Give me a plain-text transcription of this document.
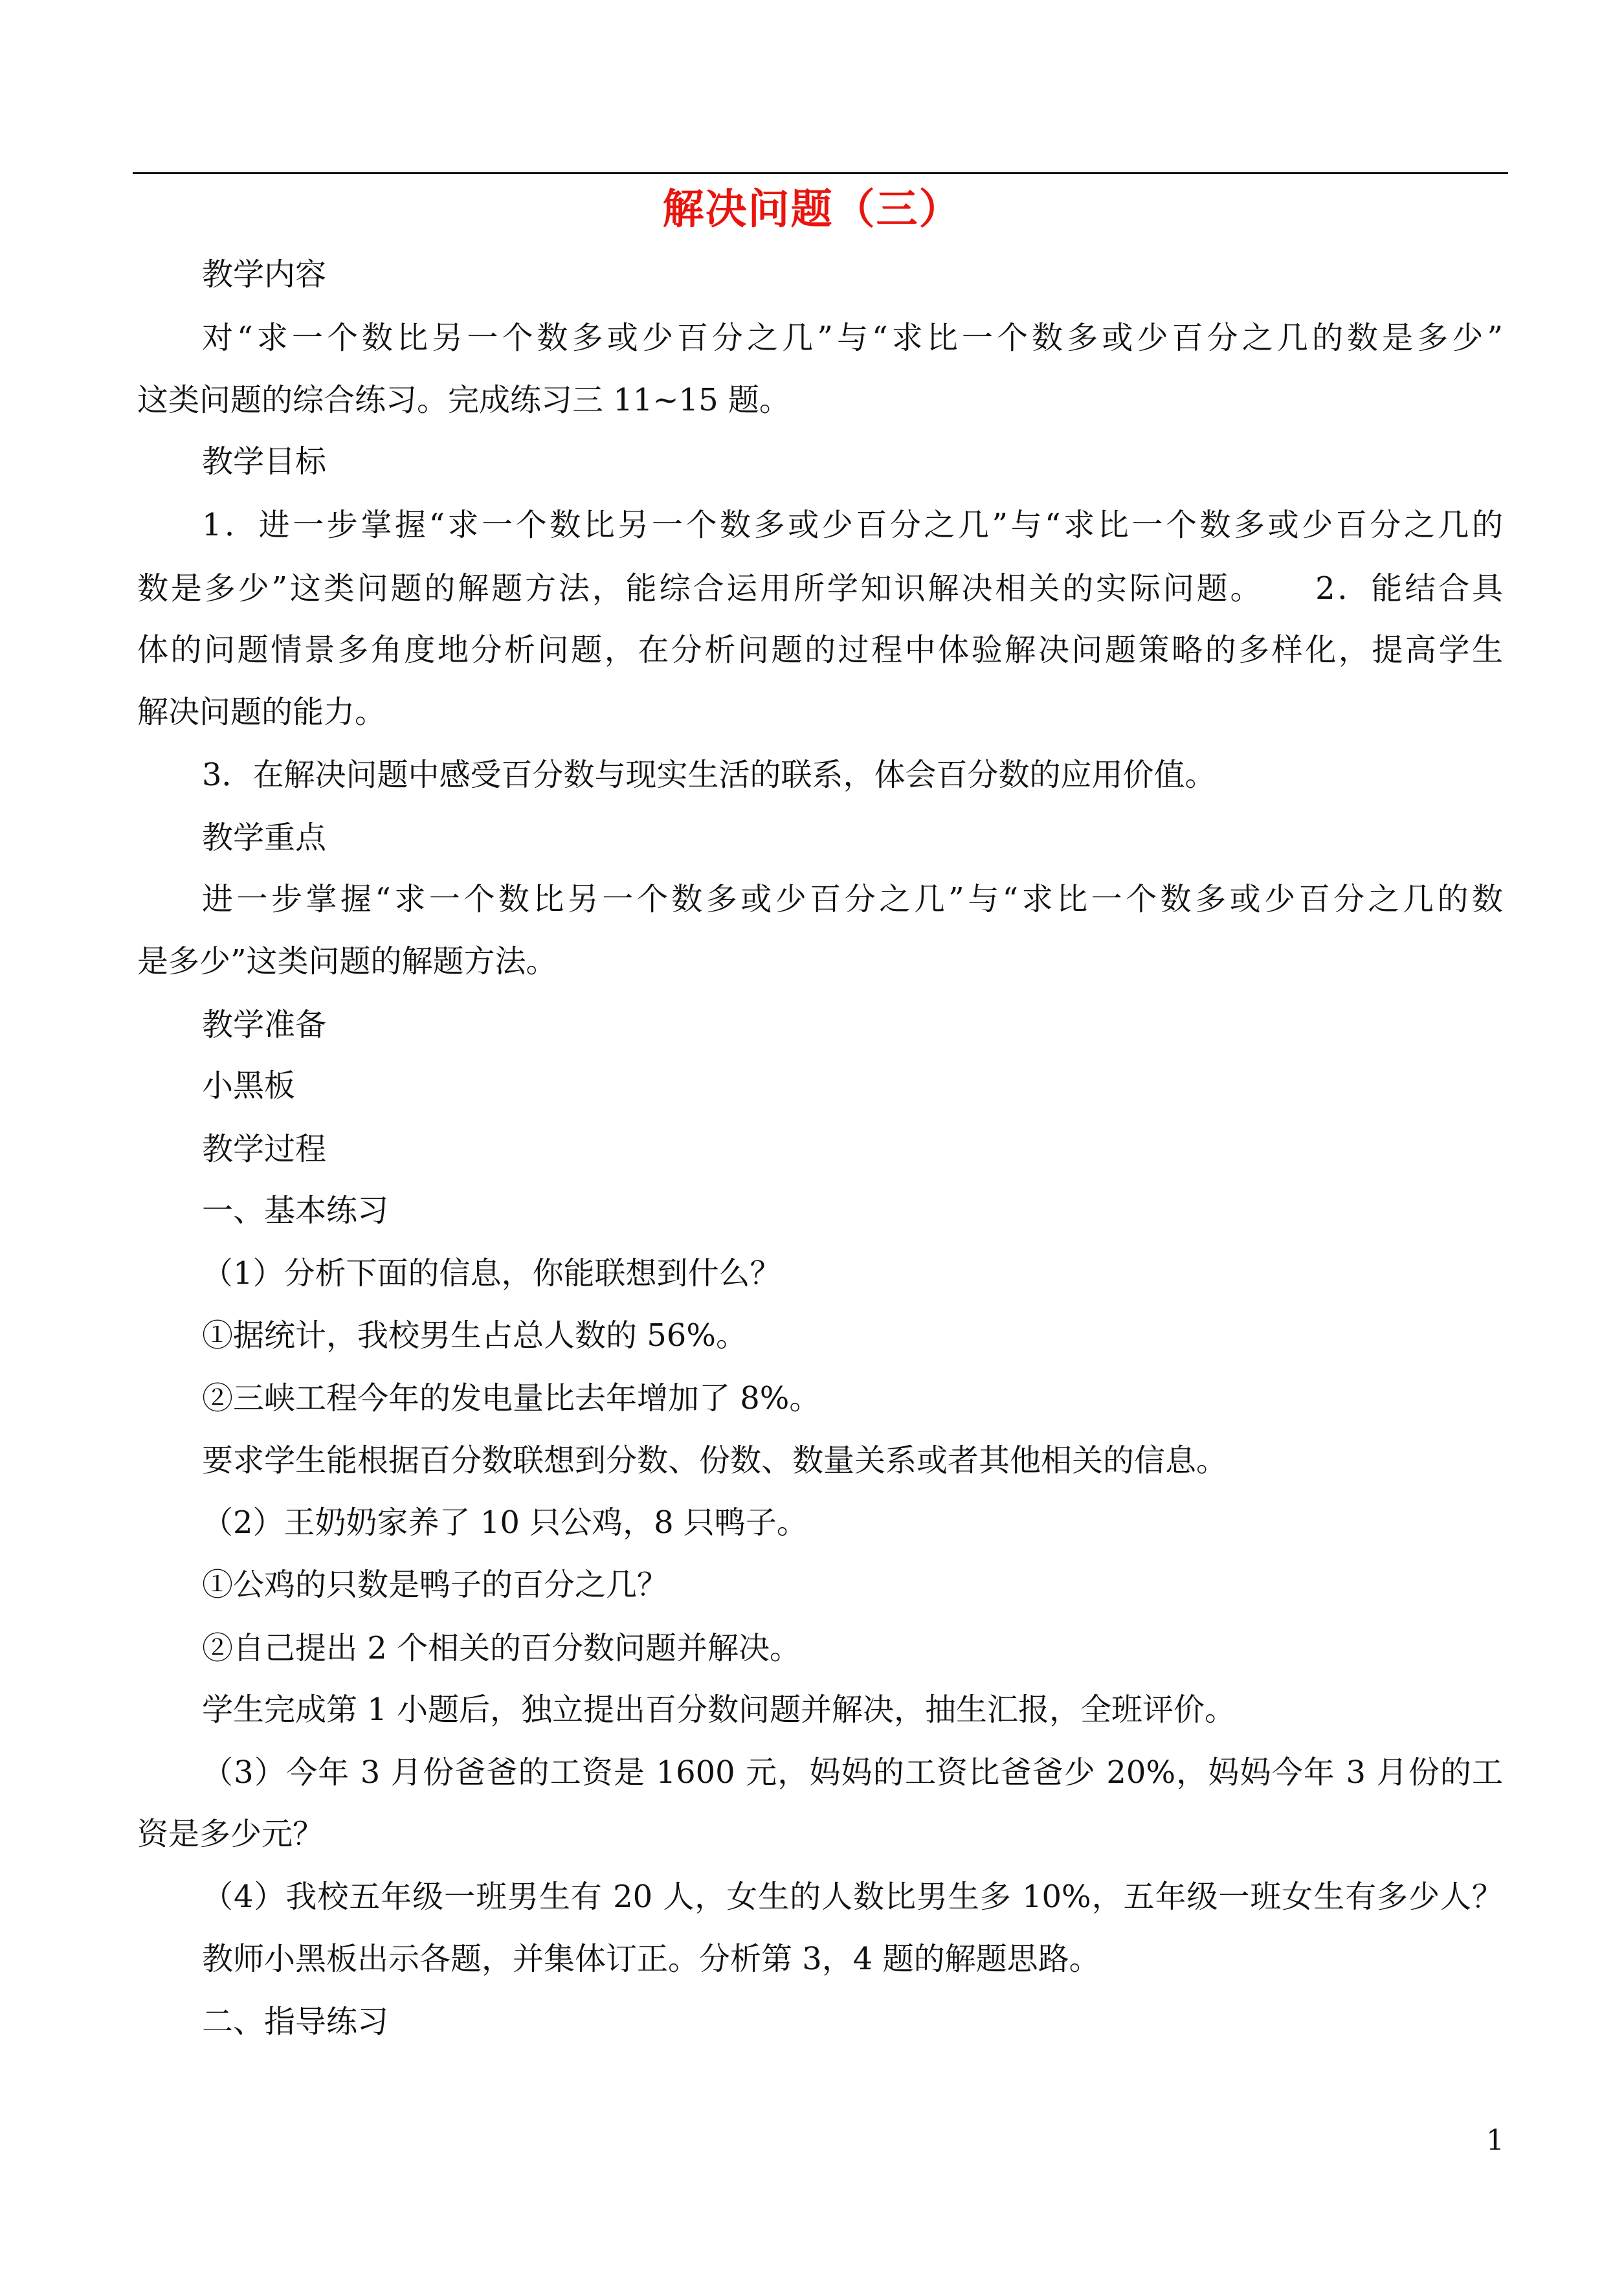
解决问题（三）
教学内容
对“求一个数比另一个数多或少百分之几”与“求比一个数多或少百分之几的数是多少”
这类问题的综合练习。完成练习三 11~15 题。
教学目标
1．进一步掌握“求一个数比另一个数多或少百分之几”与“求比一个数多或少百分之几的
数是多少”这类问题的解题方法，能综合运用所学知识解决相关的实际问题。　　2．能结合具
体的问题情景多角度地分析问题，在分析问题的过程中体验解决问题策略的多样化，提高学生
解决问题的能力。
3．在解决问题中感受百分数与现实生活的联系，体会百分数的应用价值。
教学重点
进一步掌握“求一个数比另一个数多或少百分之几”与“求比一个数多或少百分之几的数
是多少”这类问题的解题方法。
教学准备
小黑板
教学过程
一、基本练习
（1）分析下面的信息，你能联想到什么？
①据统计，我校男生占总人数的 56%。
②三峡工程今年的发电量比去年增加了 8%。
要求学生能根据百分数联想到分数、份数、数量关系或者其他相关的信息。
（2）王奶奶家养了 10 只公鸡，8 只鸭子。
①公鸡的只数是鸭子的百分之几？
②自己提出 2 个相关的百分数问题并解决。
学生完成第 1 小题后，独立提出百分数问题并解决，抽生汇报，全班评价。
（3）今年 3 月份爸爸的工资是 1600 元，妈妈的工资比爸爸少 20%，妈妈今年 3 月份的工
资是多少元？
（4）我校五年级一班男生有 20 人，女生的人数比男生多 10%，五年级一班女生有多少人？
教师小黑板出示各题，并集体订正。分析第 3，4 题的解题思路。
二、指导练习
1
